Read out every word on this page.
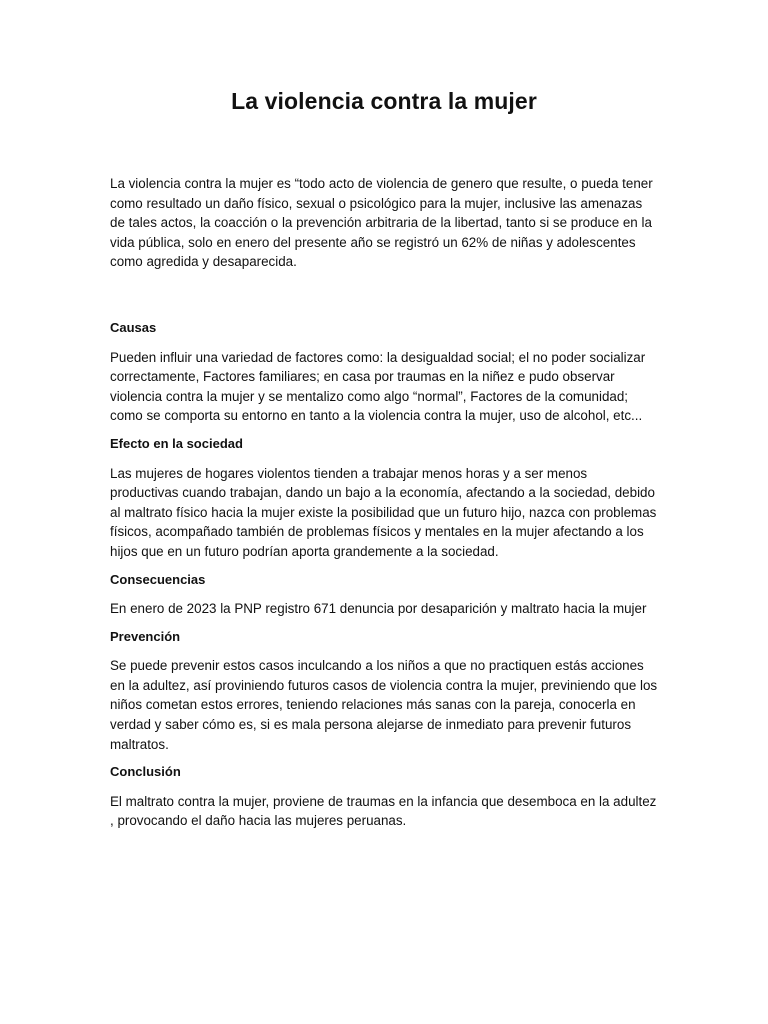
La violencia contra la mujer

La violencia contra la mujer es “todo acto de violencia de genero que resulte, o pueda tener como resultado un daño físico, sexual o psicológico para la mujer, inclusive las amenazas de tales actos, la coacción o la prevención arbitraria de la libertad, tanto si se produce en la vida pública, solo en enero del presente año se registró un 62% de niñas y adolescentes como agredida y desaparecida.

Causas

Pueden influir una variedad de factores como: la desigualdad social; el no poder socializar correctamente, Factores familiares; en casa por traumas en la niñez e pudo observar violencia contra la mujer y se mentalizo como algo “normal”, Factores de la comunidad; como se comporta su entorno en tanto a la violencia contra la mujer, uso de alcohol, etc...

Efecto en la sociedad

Las mujeres de hogares violentos tienden a trabajar menos horas y a ser menos productivas cuando trabajan, dando un bajo a la economía, afectando a la sociedad, debido al maltrato físico hacia la mujer existe la posibilidad que un futuro hijo, nazca con problemas físicos, acompañado también de problemas físicos y mentales en la mujer afectando a los hijos que en un futuro podrían aporta grandemente a la sociedad.

Consecuencias

En enero de 2023 la PNP registro 671 denuncia por desaparición y maltrato hacia la mujer

Prevención

Se puede prevenir estos casos inculcando a los niños a que no practiquen estás acciones en la adultez, así proviniendo futuros casos de violencia contra la mujer, previniendo que los niños cometan estos errores, teniendo relaciones más sanas con la pareja, conocerla en verdad y saber cómo es, si es mala persona alejarse de inmediato para prevenir futuros maltratos.

Conclusión

El maltrato contra la mujer, proviene de traumas en la infancia que desemboca en la adultez , provocando el daño hacia las mujeres peruanas.
